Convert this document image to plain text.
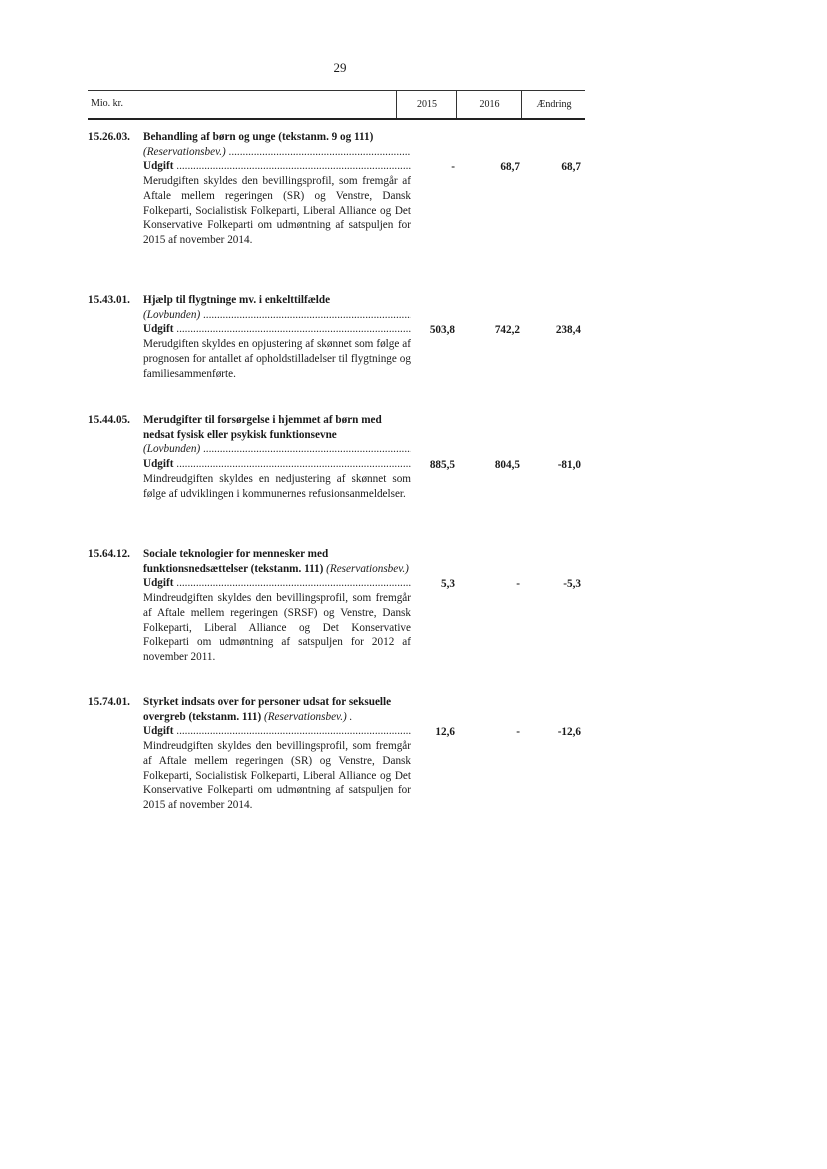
29
Mio. kr.	2015	2016	Ændring
15.26.03. Behandling af børn og unge (tekstanm. 9 og 111)
(Reservationsbev.) .....
Udgift .....
Merudgiften skyldes den bevillingsprofil, som fremgår af Aftale mellem regeringen (SR) og Venstre, Dansk Folkeparti, Socialistisk Folkeparti, Liberal Alliance og Det Konservative Folkeparti om udmøntning af satspuljen for 2015 af november 2014.
-	68,7	68,7
15.43.01. Hjælp til flygtninge mv. i enkelttilfælde
(Lovbunden) .....
Udgift .....
Merudgiften skyldes en opjustering af skønnet som følge af prognosen for antallet af opholdstilladelser til flygtninge og familiesammenførte.
503,8	742,2	238,4
15.44.05. Merudgifter til forsørgelse i hjemmet af børn med nedsat fysisk eller psykisk funktionsevne
(Lovbunden) .....
Udgift .....
Mindreudgiften skyldes en nedjustering af skønnet som følge af udviklingen i kommunernes refusionsanmeldelser.
885,5	804,5	-81,0
15.64.12. Sociale teknologier for mennesker med funktionsnedsættelser (tekstanm. 111) (Reservationsbev.)
Udgift .....
Mindreudgiften skyldes den bevillingsprofil, som fremgår af Aftale mellem regeringen (SRSF) og Venstre, Dansk Folkeparti, Liberal Alliance og Det Konservative Folkeparti om udmøntning af satspuljen for 2012 af november 2011.
5,3	-	-5,3
15.74.01. Styrket indsats over for personer udsat for seksuelle overgreb (tekstanm. 111) (Reservationsbev.) .
Udgift .....
Mindreudgiften skyldes den bevillingsprofil, som fremgår af Aftale mellem regeringen (SR) og Venstre, Dansk Folkeparti, Socialistisk Folkeparti, Liberal Alliance og Det Konservative Folkeparti om udmøntning af satspuljen for 2015 af november 2014.
12,6	-	-12,6
